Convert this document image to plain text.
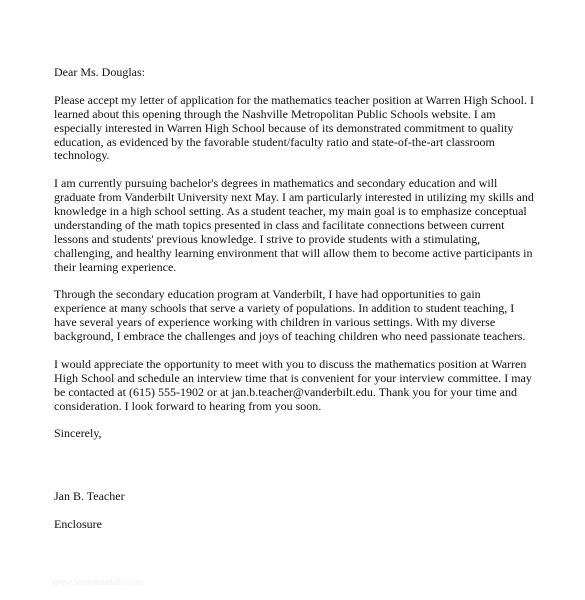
Dear Ms. Douglas:

Please accept my letter of application for the mathematics teacher position at Warren High School. I learned about this opening through the Nashville Metropolitan Public Schools website. I am especially interested in Warren High School because of its demonstrated commitment to quality education, as evidenced by the favorable student/faculty ratio and state-of-the-art classroom technology.

I am currently pursuing bachelor's degrees in mathematics and secondary education and will graduate from Vanderbilt University next May. I am particularly interested in utilizing my skills and knowledge in a high school setting. As a student teacher, my main goal is to emphasize conceptual understanding of the math topics presented in class and facilitate connections between current lessons and students' previous knowledge. I strive to provide students with a stimulating, challenging, and healthy learning environment that will allow them to become active participants in their learning experience.

Through the secondary education program at Vanderbilt, I have had opportunities to gain experience at many schools that serve a variety of populations. In addition to student teaching, I have several years of experience working with children in various settings. With my diverse background, I embrace the challenges and joys of teaching children who need passionate teachers.

I would appreciate the opportunity to meet with you to discuss the mathematics position at Warren High School and schedule an interview time that is convenient for your interview committee. I may be contacted at (615) 555-1902 or at jan.b.teacher@vanderbilt.edu. Thank you for your time and consideration. I look forward to hearing from you soon.

Sincerely,

Jan B. Teacher

Enclosure

www.templatelab.com
